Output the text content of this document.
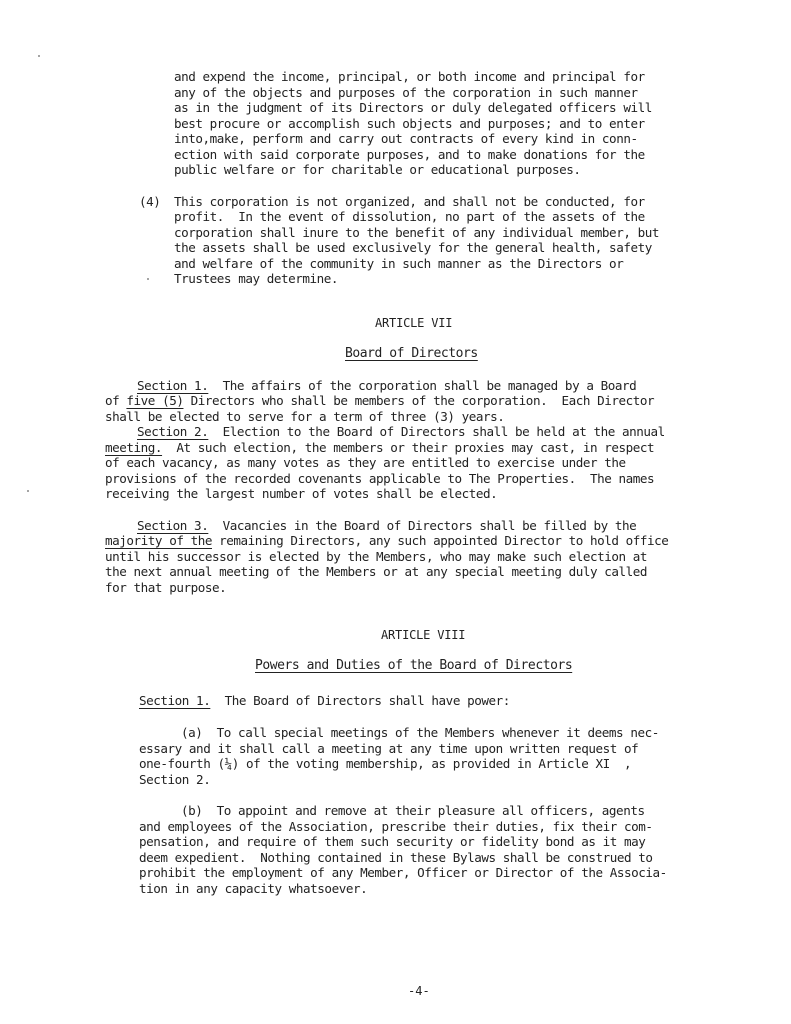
and expend the income, principal, or both income and principal for
any of the objects and purposes of the corporation in such manner
as in the judgment of its Directors or duly delegated officers will
best procure or accomplish such objects and purposes; and to enter
into,make, perform and carry out contracts of every kind in conn-
ection with said corporate purposes, and to make donations for the
public welfare or for charitable or educational purposes.
(4) This corporation is not organized, and shall not be conducted, for
profit.  In the event of dissolution, no part of the assets of the
corporation shall inure to the benefit of any individual member, but
the assets shall be used exclusively for the general health, safety
and welfare of the community in such manner as the Directors or
Trustees may determine.
ARTICLE VII
Board of Directors
Section 1.  The affairs of the corporation shall be managed by a Board
of five (5) Directors who shall be members of the corporation.  Each Director
shall be elected to serve for a term of three (3) years.
Section 2.  Election to the Board of Directors shall be held at the annual
meeting.  At such election, the members or their proxies may cast, in respect
of each vacancy, as many votes as they are entitled to exercise under the
provisions of the recorded covenants applicable to The Properties.  The names
receiving the largest number of votes shall be elected.
Section 3.  Vacancies in the Board of Directors shall be filled by the
majority of the remaining Directors, any such appointed Director to hold office
until his successor is elected by the Members, who may make such election at
the next annual meeting of the Members or at any special meeting duly called
for that purpose.
ARTICLE VIII
Powers and Duties of the Board of Directors
Section 1.  The Board of Directors shall have power:
(a)  To call special meetings of the Members whenever it deems nec-
essary and it shall call a meeting at any time upon written request of
one-fourth (¼) of the voting membership, as provided in Article XI  ,
Section 2.
(b)  To appoint and remove at their pleasure all officers, agents
and employees of the Association, prescribe their duties, fix their com-
pensation, and require of them such security or fidelity bond as it may
deem expedient.  Nothing contained in these Bylaws shall be construed to
prohibit the employment of any Member, Officer or Director of the Associa-
tion in any capacity whatsoever.
-4-
